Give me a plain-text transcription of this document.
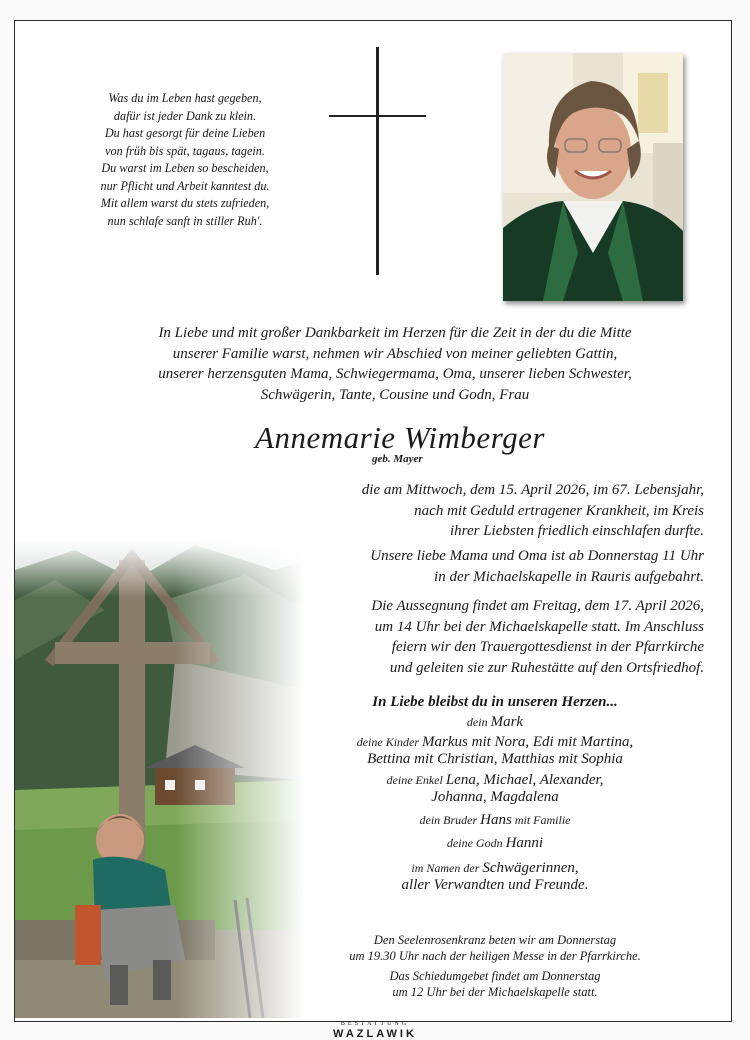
Was du im Leben hast gegeben,
dafür ist jeder Dank zu klein.
Du hast gesorgt für deine Lieben
von früh bis spät, tagaus, tagein.
Du warst im Leben so bescheiden,
nur Pflicht und Arbeit kanntest du.
Mit allem warst du stets zufrieden,
nun schlafe sanft in stiller Ruh'.
In Liebe und mit großer Dankbarkeit im Herzen für die Zeit in der du die Mitte
unserer Familie warst, nehmen wir Abschied von meiner geliebten Gattin,
unserer herzensguten Mama, Schwiegermama, Oma, unserer lieben Schwester,
Schwägerin, Tante, Cousine und Godn, Frau
Annemarie Wimberger
geb. Mayer
die am Mittwoch, dem 15. April 2026, im 67. Lebensjahr,
nach mit Geduld ertragener Krankheit, im Kreis
ihrer Liebsten friedlich einschlafen durfte.
Unsere liebe Mama und Oma ist ab Donnerstag 11 Uhr
in der Michaelskapelle in Rauris aufgebahrt.
Die Aussegnung findet am Freitag, dem 17. April 2026,
um 14 Uhr bei der Michaelskapelle statt. Im Anschluss
feiern wir den Trauergottesdienst in der Pfarrkirche
und geleiten sie zur Ruhestätte auf den Ortsfriedhof.
In Liebe bleibst du in unseren Herzen...
dein Mark
deine Kinder Markus mit Nora, Edi mit Martina,
Bettina mit Christian, Matthias mit Sophia
deine Enkel Lena, Michael, Alexander,
Johanna, Magdalena
dein Bruder Hans mit Familie
deine Godn Hanni
im Namen der Schwägerinnen,
aller Verwandten und Freunde.
Den Seelenrosenkranz beten wir am Donnerstag
um 19.30 Uhr nach der heiligen Messe in der Pfarrkirche.
Das Schiedumgebet findet am Donnerstag
um 12 Uhr bei der Michaelskapelle statt.
BESTATTUNG
WAZLAWIK
